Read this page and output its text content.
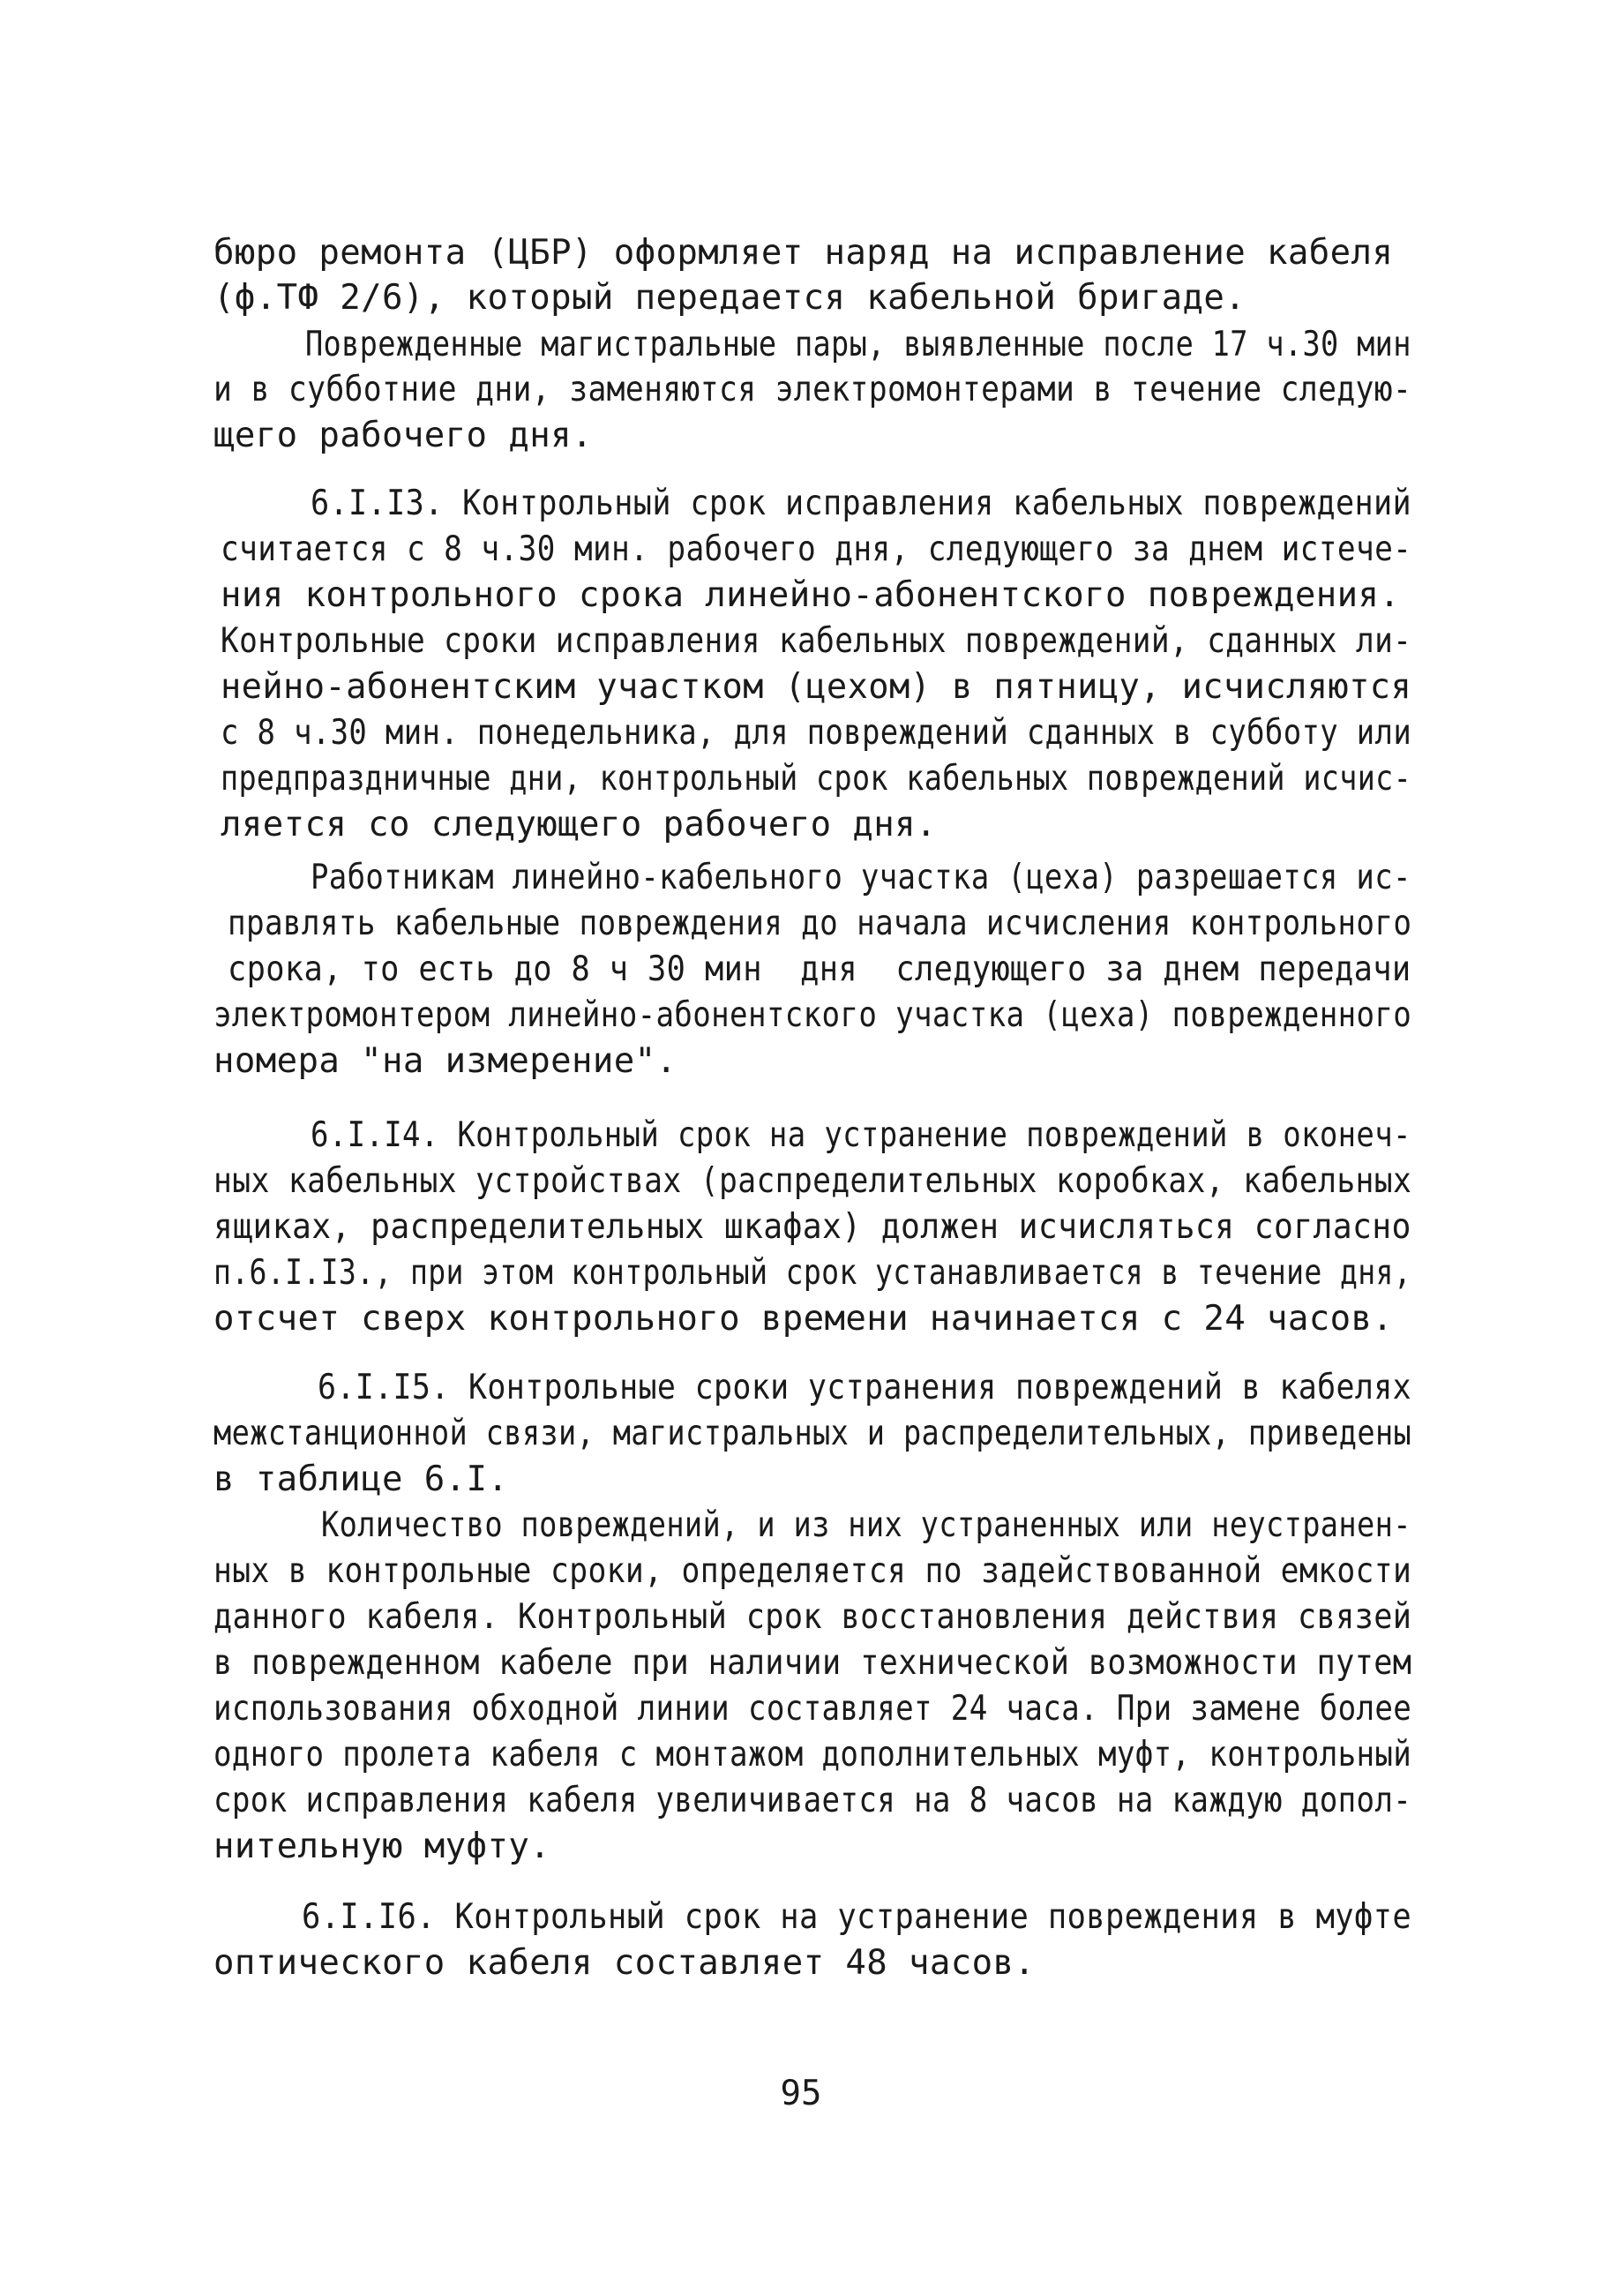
бюро ремонта (ЦБР) оформляет наряд на исправление кабеля
(ф.ТФ 2/6), который передается кабельной бригаде.
Поврежденные магистральные пары, выявленные после 17 ч.30 мин
и в субботние дни, заменяются электромонтерами в течение следую-
щего рабочего дня.
6.I.I3. Контрольный срок исправления кабельных повреждений
считается с 8 ч.30 мин. рабочего дня, следующего за днем истече-
ния контрольного срока линейно-абонентского повреждения.
Контрольные сроки исправления кабельных повреждений, сданных ли-
нейно-абонентским участком (цехом) в пятницу, исчисляются
с 8 ч.30 мин. понедельника, для повреждений сданных в субботу или
предпраздничные дни, контрольный срок кабельных повреждений исчис-
ляется со следующего рабочего дня.
Работникам линейно-кабельного участка (цеха) разрешается ис-
правлять кабельные повреждения до начала исчисления контрольного
срока, то есть до 8 ч 30 мин  дня  следующего за днем передачи
электромонтером линейно-абонентского участка (цеха) поврежденного
номера "на измерение".
6.I.I4. Контрольный срок на устранение повреждений в оконеч-
ных кабельных устройствах (распределительных коробках, кабельных
ящиках, распределительных шкафах) должен исчисляться согласно
п.6.I.I3., при этом контрольный срок устанавливается в течение дня,
отсчет сверх контрольного времени начинается с 24 часов.
6.I.I5. Контрольные сроки устранения повреждений в кабелях
межстанционной связи, магистральных и распределительных, приведены
в таблице 6.I.
Количество повреждений, и из них устраненных или неустранен-
ных в контрольные сроки, определяется по задействованной емкости
данного кабеля. Контрольный срок восстановления действия связей
в поврежденном кабеле при наличии технической возможности путем
использования обходной линии составляет 24 часа. При замене более
одного пролета кабеля с монтажом дополнительных муфт, контрольный
срок исправления кабеля увеличивается на 8 часов на каждую допол-
нительную муфту.
6.I.I6. Контрольный срок на устранение повреждения в муфте
оптического кабеля составляет 48 часов.
95
